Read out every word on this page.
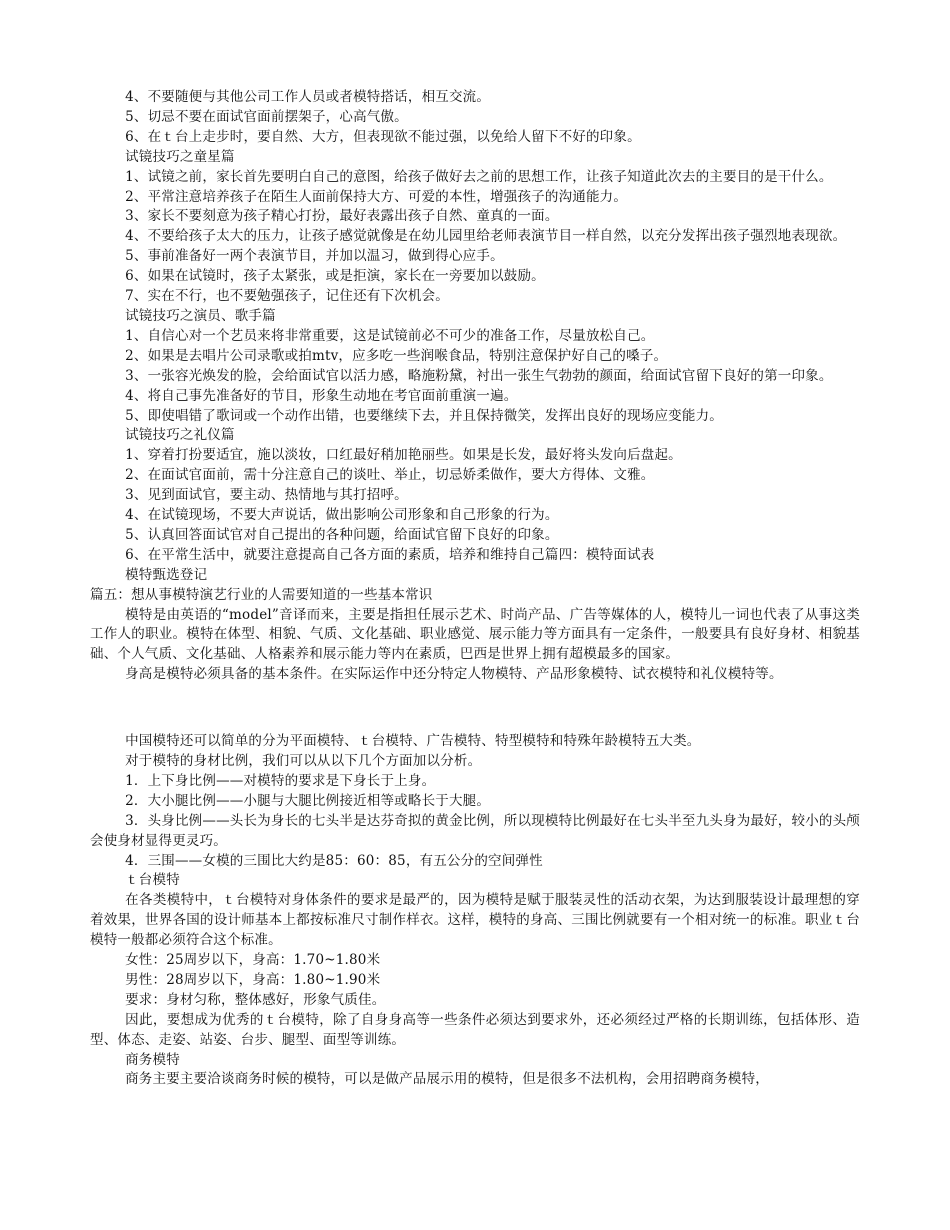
4、不要随便与其他公司工作人员或者模特搭话，相互交流。

5、切忌不要在面试官面前摆架子，心高气傲。

6、在ｔ台上走步时，要自然、大方，但表现欲不能过强，以免给人留下不好的印象。

试镜技巧之童星篇

1、试镜之前，家长首先要明白自己的意图，给孩子做好去之前的思想工作，让孩子知道此次去的主要目的是干什么。

2、平常注意培养孩子在陌生人面前保持大方、可爱的本性，增强孩子的沟通能力。

3、家长不要刻意为孩子精心打扮，最好表露出孩子自然、童真的一面。

4、不要给孩子太大的压力，让孩子感觉就像是在幼儿园里给老师表演节目一样自然，以充分发挥出孩子强烈地表现欲。

5、事前准备好一两个表演节目，并加以温习，做到得心应手。

6、如果在试镜时，孩子太紧张，或是拒演，家长在一旁要加以鼓励。

7、实在不行，也不要勉强孩子，记住还有下次机会。

试镜技巧之演员、歌手篇

1、自信心对一个艺员来将非常重要，这是试镜前必不可少的准备工作，尽量放松自己。

2、如果是去唱片公司录歌或拍mtv，应多吃一些润喉食品，特别注意保护好自己的嗓子。

3、一张容光焕发的脸，会给面试官以活力感，略施粉黛，衬出一张生气勃勃的颜面，给面试官留下良好的第一印象。

4、将自己事先准备好的节目，形象生动地在考官面前重演一遍。

5、即使唱错了歌词或一个动作出错，也要继续下去，并且保持微笑，发挥出良好的现场应变能力。

试镜技巧之礼仪篇

1、穿着打扮要适宜，施以淡妆，口红最好稍加艳丽些。如果是长发，最好将头发向后盘起。

2、在面试官面前，需十分注意自己的谈吐、举止，切忌娇柔做作，要大方得体、文雅。

3、见到面试官，要主动、热情地与其打招呼。

4、在试镜现场，不要大声说话，做出影响公司形象和自己形象的行为。

5、认真回答面试官对自己提出的各种问题，给面试官留下良好的印象。

6、在平常生活中，就要注意提高自己各方面的素质，培养和维持自己篇四：模特面试表

模特甄选登记

篇五：想从事模特演艺行业的人需要知道的一些基本常识

模特是由英语的“model”音译而来，主要是指担任展示艺术、时尚产品、广告等媒体的人，模特儿一词也代表了从事这类工作人的职业。模特在体型、相貌、气质、文化基础、职业感觉、展示能力等方面具有一定条件，一般要具有良好身材、相貌基础、个人气质、文化基础、人格素养和展示能力等内在素质，巴西是世界上拥有超模最多的国家。

身高是模特必须具备的基本条件。在实际运作中还分特定人物模特、产品形象模特、试衣模特和礼仪模特等。

中国模特还可以简单的分为平面模特、ｔ台模特、广告模特、特型模特和特殊年龄模特五大类。

对于模特的身材比例，我们可以从以下几个方面加以分析。

1．上下身比例——对模特的要求是下身长于上身。

2．大小腿比例——小腿与大腿比例接近相等或略长于大腿。

3．头身比例——头长为身长的七头半是达芬奇拟的黄金比例，所以现模特比例最好在七头半至九头身为最好，较小的头颅会使身材显得更灵巧。

4．三围——女模的三围比大约是85：60：85，有五公分的空间弹性

ｔ台模特

在各类模特中，ｔ台模特对身体条件的要求是最严的，因为模特是赋于服装灵性的活动衣架，为达到服装设计最理想的穿着效果，世界各国的设计师基本上都按标准尺寸制作样衣。这样，模特的身高、三围比例就要有一个相对统一的标准。职业ｔ台模特一般都必须符合这个标准。

女性：25周岁以下，身高：1.70~1.80米

男性：28周岁以下，身高：1.80~1.90米

要求：身材匀称，整体感好，形象气质佳。

因此，要想成为优秀的ｔ台模特，除了自身身高等一些条件必须达到要求外，还必须经过严格的长期训练，包括体形、造型、体态、走姿、站姿、台步、腿型、面型等训练。

商务模特

商务主要主要洽谈商务时候的模特，可以是做产品展示用的模特，但是很多不法机构，会用招聘商务模特，
